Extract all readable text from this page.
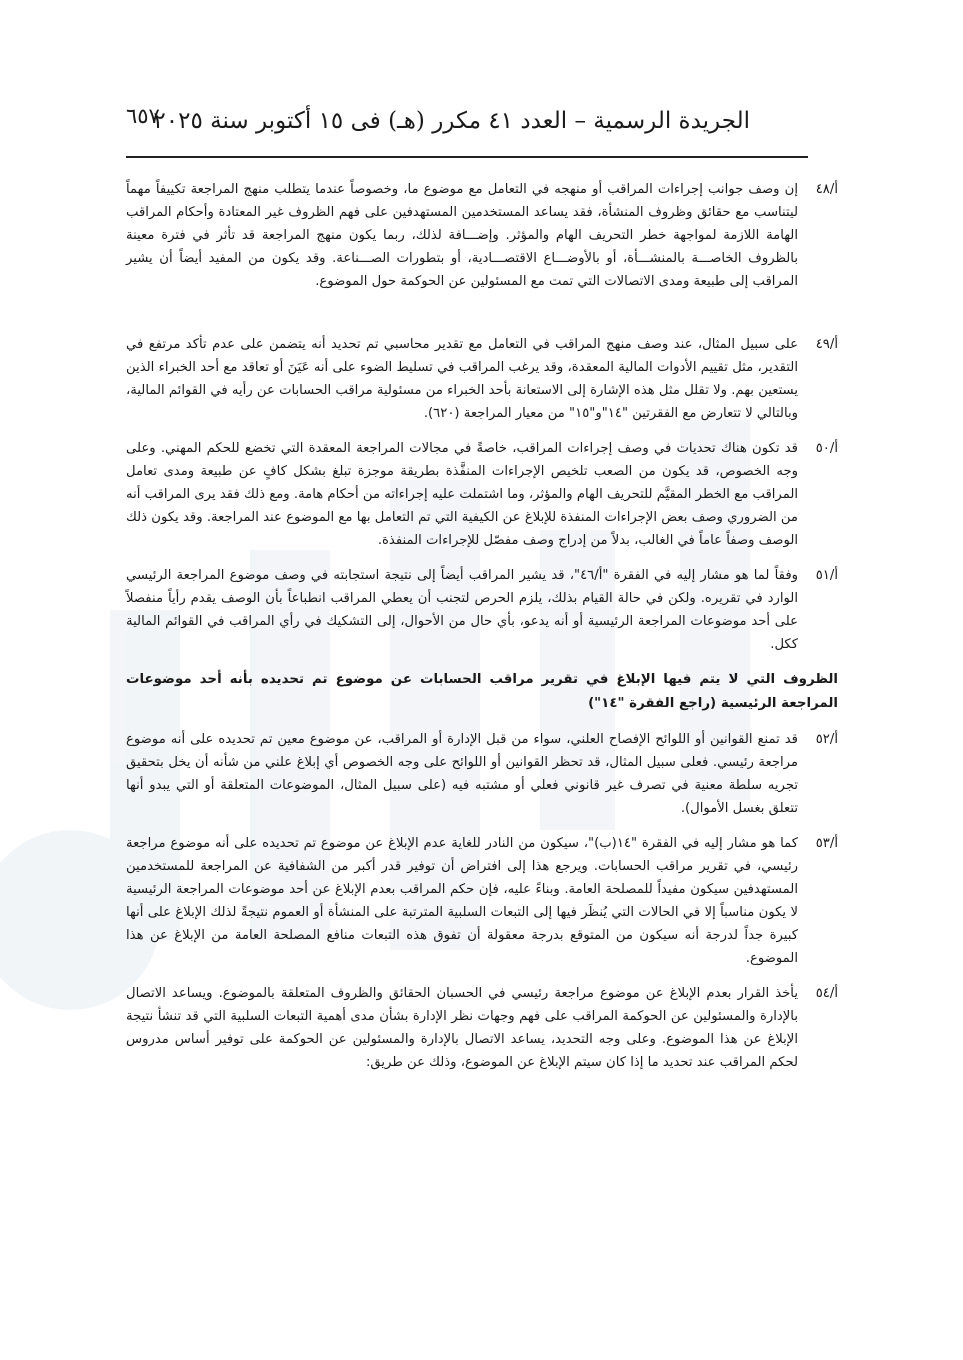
الجريدة الرسمية – العدد ٤١ مكرر (هـ) فى ١٥ أكتوبر سنة ٢٠٢٥
٦٥٧
أ/٤٨
إن وصف جوانب إجراءات المراقب أو منهجه في التعامل مع موضوع ما، وخصوصاً عندما يتطلب منهج المراجعة تكييفاً مهماً ليتناسب مع حقائق وظروف المنشأة، فقد يساعد المستخدمين المستهدفين على فهم الظروف غير المعتادة وأحكام المراقب الهامة اللازمة لمواجهة خطر التحريف الهام والمؤثر. وإضـــافة لذلك، ربما يكون منهج المراجعة قد تأثر في فترة معينة بالظروف الخاصـــة بالمنشـــأة، أو بالأوضـــاع الاقتصـــادية، أو بتطورات الصـــناعة. وقد يكون من المفيد أيضاً أن يشير المراقب إلى طبيعة ومدى الاتصالات التي تمت مع المسئولين عن الحوكمة حول الموضوع.
أ/٤٩
على سبيل المثال، عند وصف منهج المراقب في التعامل مع تقدير محاسبي تم تحديد أنه يتضمن على عدم تأكد مرتفع في التقدير، مثل تقييم الأدوات المالية المعقدة، وقد يرغب المراقب في تسليط الضوء على أنه عَيَنَ أو تعاقد مع أحد الخبراء الذين يستعين بهم. ولا تقلل مثل هذه الإشارة إلى الاستعانة بأحد الخبراء من مسئولية مراقب الحسابات عن رأيه في القوائم المالية، وبالتالي لا تتعارض مع الفقرتين "١٤"و"١٥" من معيار المراجعة (٦٢٠).
أ/٥٠
قد تكون هناك تحديات في وصف إجراءات المراقب، خاصةً في مجالات المراجعة المعقدة التي تخضع للحكم المهني. وعلى وجه الخصوص، قد يكون من الصعب تلخيص الإجراءات المنفَّذة بطريقة موجزة تبلغ بشكل كافٍ عن طبيعة ومدى تعامل المراقب مع الخطر المقيَّم للتحريف الهام والمؤثر، وما اشتملت عليه إجراءاته من أحكام هامة. ومع ذلك فقد يرى المراقب أنه من الضروري وصف بعض الإجراءات المنفذة للإبلاغ عن الكيفية التي تم التعامل بها مع الموضوع عند المراجعة. وقد يكون ذلك الوصف وصفاً عاماً في الغالب، بدلاً من إدراج وصف مفصّل للإجراءات المنفذة.
أ/٥١
وفقاً لما هو مشار إليه في الفقرة "أ/٤٦"، قد يشير المراقب أيضاً إلى نتيجة استجابته في وصف موضوع المراجعة الرئيسي الوارد في تقريره. ولكن في حالة القيام بذلك، يلزم الحرص لتجنب أن يعطي المراقب انطباعاً بأن الوصف يقدم رأياً منفصلاً على أحد موضوعات المراجعة الرئيسية أو أنه يدعو، بأي حال من الأحوال، إلى التشكيك في رأي المراقب في القوائم المالية ككل.
الظروف التي لا يتم فيها الإبلاغ في تقرير مراقب الحسابات عن موضوع تم تحديده بأنه أحد موضوعات المراجعة الرئيسية (راجع الفقرة "١٤")
أ/٥٢
قد تمنع القوانين أو اللوائح الإفصاح العلني، سواء من قبل الإدارة أو المراقب، عن موضوع معين تم تحديده على أنه موضوع مراجعة رئيسي. فعلى سبيل المثال، قد تحظر القوانين أو اللوائح على وجه الخصوص أي إبلاغ علني من شأنه أن يخل بتحقيق تجريه سلطة معنية في تصرف غير قانوني فعلي أو مشتبه فيه (على سبيل المثال، الموضوعات المتعلقة أو التي يبدو أنها تتعلق بغسل الأموال).
أ/٥٣
كما هو مشار إليه في الفقرة "١٤(ب)"، سيكون من النادر للغاية عدم الإبلاغ عن موضوع تم تحديده على أنه موضوع مراجعة رئيسي، في تقرير مراقب الحسابات. ويرجع هذا إلى افتراض أن توفير قدر أكبر من الشفافية عن المراجعة للمستخدمين المستهدفين سيكون مفيداً للمصلحة العامة. وبناءً عليه، فإن حكم المراقب بعدم الإبلاغ عن أحد موضوعات المراجعة الرئيسية لا يكون مناسباً إلا في الحالات التي يُنظَر فيها إلى التبعات السلبية المترتبة على المنشأة أو العموم نتيجةً لذلك الإبلاغ على أنها كبيرة جداً لدرجة أنه سيكون من المتوقع بدرجة معقولة أن تفوق هذه التبعات منافع المصلحة العامة من الإبلاغ عن هذا الموضوع.
أ/٥٤
يأخذ القرار بعدم الإبلاغ عن موضوع مراجعة رئيسي في الحسبان الحقائق والظروف المتعلقة بالموضوع. ويساعد الاتصال بالإدارة والمسئولين عن الحوكمة المراقب على فهم وجهات نظر الإدارة بشأن مدى أهمية التبعات السلبية التي قد تنشأ نتيجة الإبلاغ عن هذا الموضوع. وعلى وجه التحديد، يساعد الاتصال بالإدارة والمسئولين عن الحوكمة على توفير أساس مدروس لحكم المراقب عند تحديد ما إذا كان سيتم الإبلاغ عن الموضوع، وذلك عن طريق:
